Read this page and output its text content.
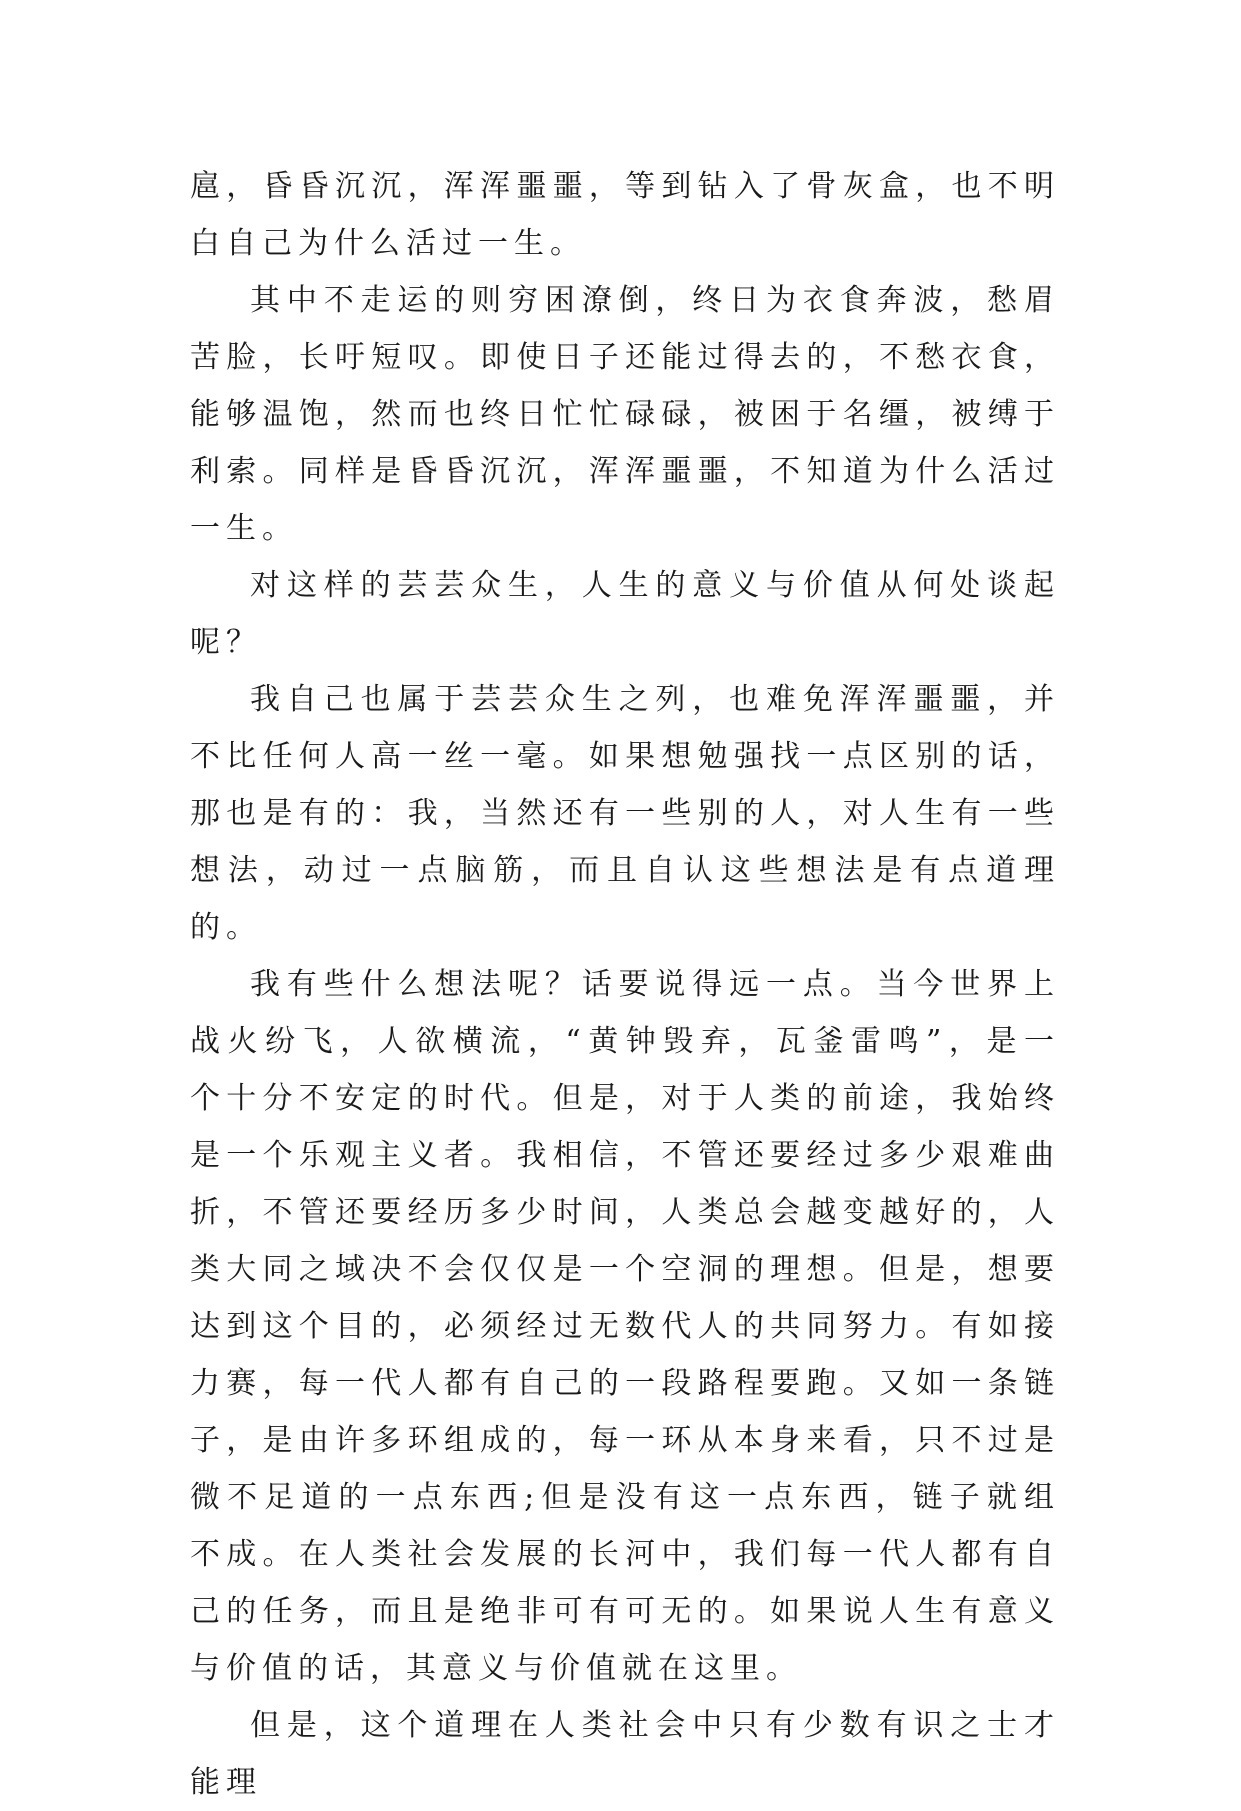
扈，昏昏沉沉，浑浑噩噩，等到钻入了骨灰盒，也不明白自己为什么活过一生。

其中不走运的则穷困潦倒，终日为衣食奔波，愁眉苦脸，长吁短叹。即使日子还能过得去的，不愁衣食，能够温饱，然而也终日忙忙碌碌，被困于名缰，被缚于利索。同样是昏昏沉沉，浑浑噩噩，不知道为什么活过一生。

对这样的芸芸众生，人生的意义与价值从何处谈起呢？

我自己也属于芸芸众生之列，也难免浑浑噩噩，并不比任何人高一丝一毫。如果想勉强找一点区别的话，那也是有的：我，当然还有一些别的人，对人生有一些想法，动过一点脑筋，而且自认这些想法是有点道理的。

我有些什么想法呢？话要说得远一点。当今世界上战火纷飞，人欲横流，“黄钟毁弃，瓦釜雷鸣”，是一个十分不安定的时代。但是，对于人类的前途，我始终是一个乐观主义者。我相信，不管还要经过多少艰难曲折，不管还要经历多少时间，人类总会越变越好的，人类大同之域决不会仅仅是一个空洞的理想。但是，想要达到这个目的，必须经过无数代人的共同努力。有如接力赛，每一代人都有自己的一段路程要跑。又如一条链子，是由许多环组成的，每一环从本身来看，只不过是微不足道的一点东西;但是没有这一点东西，链子就组不成。在人类社会发展的长河中，我们每一代人都有自己的任务，而且是绝非可有可无的。如果说人生有意义与价值的话，其意义与价值就在这里。

但是，这个道理在人类社会中只有少数有识之士才能理
